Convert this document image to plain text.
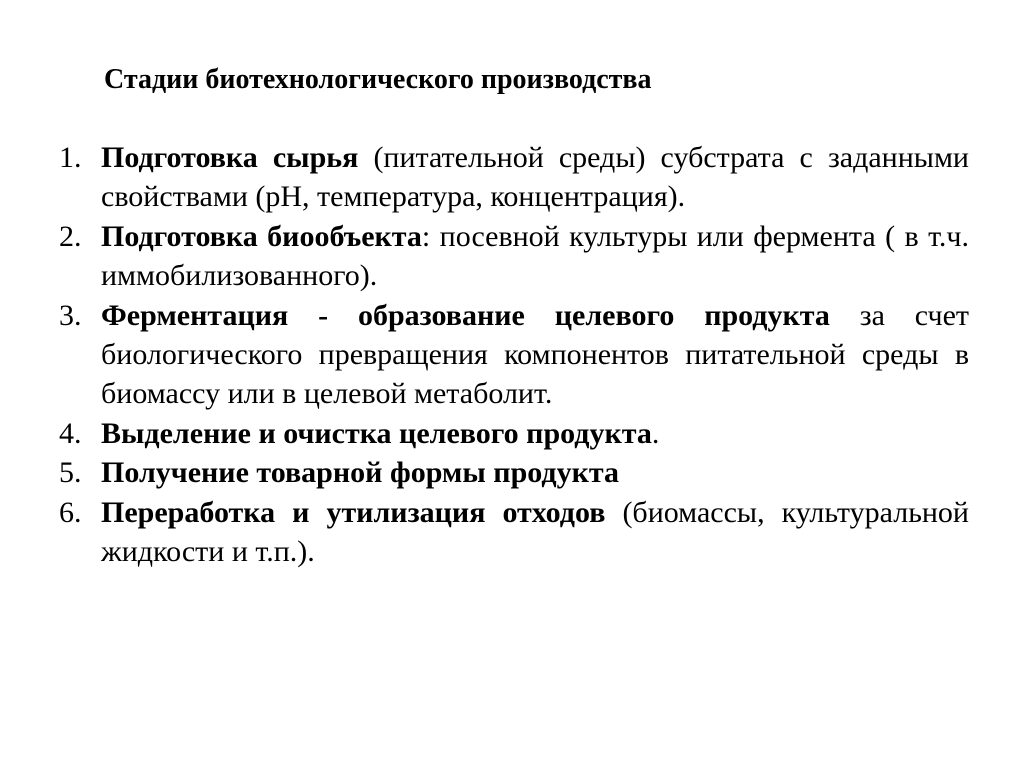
Стадии биотехнологического производства
1. Подготовка сырья (питательной среды) субстрата с заданными свойствами (pH, температура, концентрация).
2. Подготовка биообъекта: посевной культуры или фермента ( в т.ч. иммобилизованного).
3. Ферментация - образование целевого продукта за счет биологического превращения компонентов питательной среды в биомассу или в целевой метаболит.
4. Выделение и очистка целевого продукта.
5. Получение товарной формы продукта
6. Переработка и утилизация отходов (биомассы, культуральной жидкости и т.п.).
